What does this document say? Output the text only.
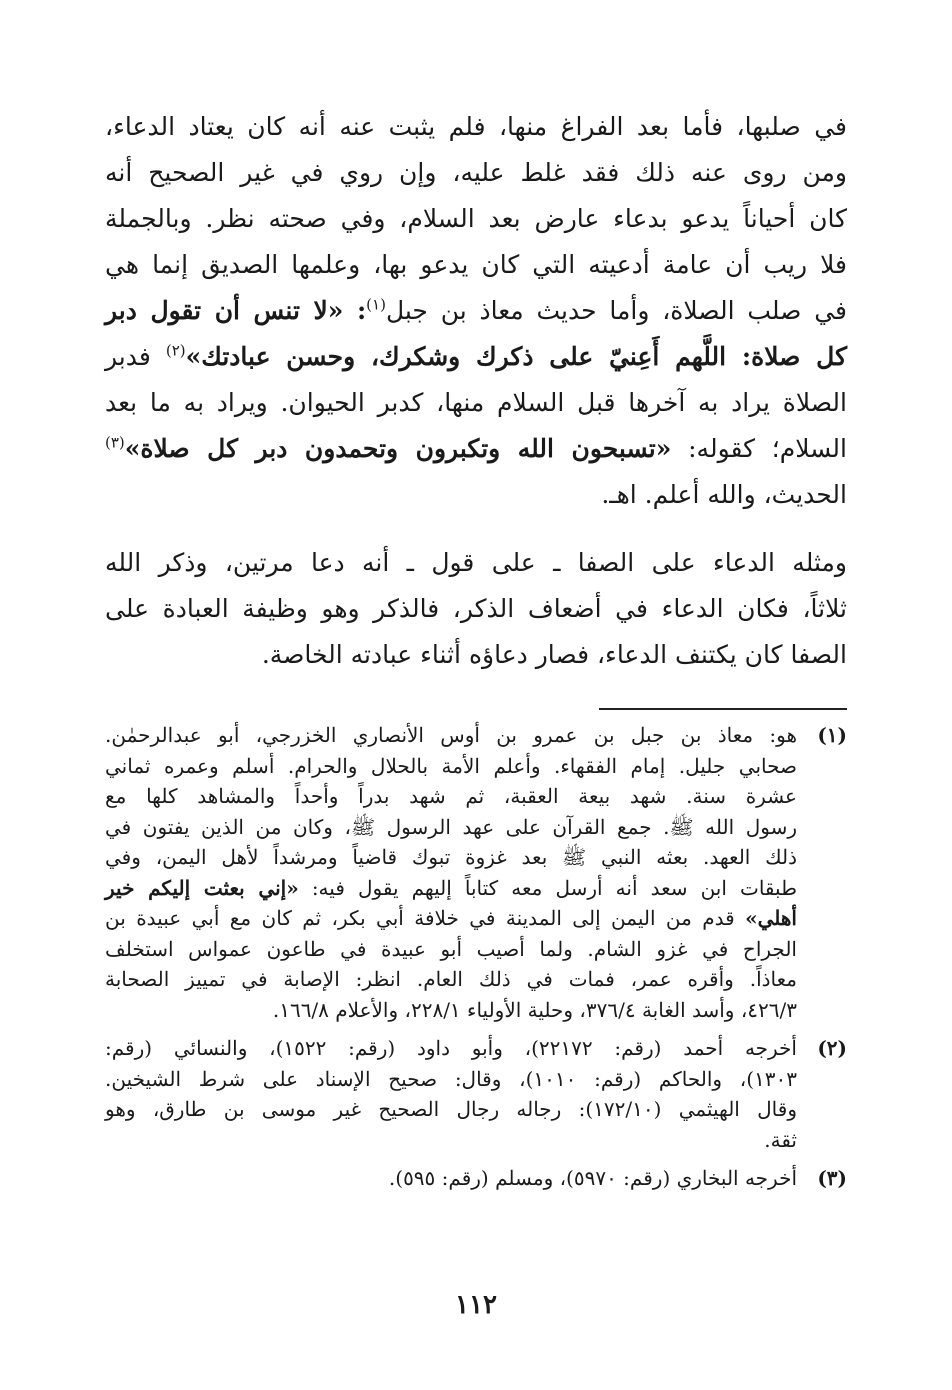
في صلبها، فأما بعد الفراغ منها، فلم يثبت عنه أنه كان يعتاد الدعاء،
ومن روى عنه ذلك فقد غلط عليه، وإن روي في غير الصحيح أنه
كان أحياناً يدعو بدعاء عارض بعد السلام، وفي صحته نظر. وبالجملة
فلا ريب أن عامة أدعيته التي كان يدعو بها، وعلمها الصديق إنما هي
في صلب الصلاة، وأما حديث معاذ بن جبل$^{(١)}$: «لا تنس أن تقول دبر
كل صلاة: اللَّهم أَعِنيّ على ذكرك وشكرك، وحسن عبادتك»$^{(٢)}$ فدبر
الصلاة يراد به آخرها قبل السلام منها، كدبر الحيوان. ويراد به ما بعد
السلام؛ كقوله: «تسبحون الله وتكبرون وتحمدون دبر كل صلاة»$^{(٣)}$
الحديث، والله أعلم. اهـ.
ومثله الدعاء على الصفا ـ على قول ـ أنه دعا مرتين، وذكر الله
ثلاثاً، فكان الدعاء في أضعاف الذكر، فالذكر وهو وظيفة العبادة على
الصفا كان يكتنف الدعاء، فصار دعاؤه أثناء عبادته الخاصة.
(١)
هو: معاذ بن جبل بن عمرو بن أوس الأنصاري الخزرجي، أبو عبدالرحمٰن.
صحابي جليل. إمام الفقهاء. وأعلم الأمة بالحلال والحرام. أسلم وعمره ثماني
عشرة سنة. شهد بيعة العقبة، ثم شهد بدراً وأحداً والمشاهد كلها مع
رسول الله ﷺ. جمع القرآن على عهد الرسول ﷺ، وكان من الذين يفتون في
ذلك العهد. بعثه النبي ﷺ بعد غزوة تبوك قاضياً ومرشداً لأهل اليمن، وفي
طبقات ابن سعد أنه أرسل معه كتاباً إليهم يقول فيه: «إني بعثت إليكم خير
أهلي» قدم من اليمن إلى المدينة في خلافة أبي بكر، ثم كان مع أبي عبيدة بن
الجراح في غزو الشام. ولما أصيب أبو عبيدة في طاعون عمواس استخلف
معاذاً. وأقره عمر، فمات في ذلك العام. انظر: الإصابة في تمييز الصحابة
٤٢٦/٣، وأسد الغابة ٣٧٦/٤، وحلية الأولياء ٢٢٨/١، والأعلام ١٦٦/٨.
(٢)
أخرجه أحمد (رقم: ٢٢١٧٢)، وأبو داود (رقم: ١٥٢٢)، والنسائي (رقم:
١٣٠٣)، والحاكم (رقم: ١٠١٠)، وقال: صحيح الإسناد على شرط الشيخين.
وقال الهيثمي (١٧٢/١٠): رجاله رجال الصحيح غير موسى بن طارق، وهو
ثقة.
(٣)
أخرجه البخاري (رقم: ٥٩٧٠)، ومسلم (رقم: ٥٩٥).
١١٢
